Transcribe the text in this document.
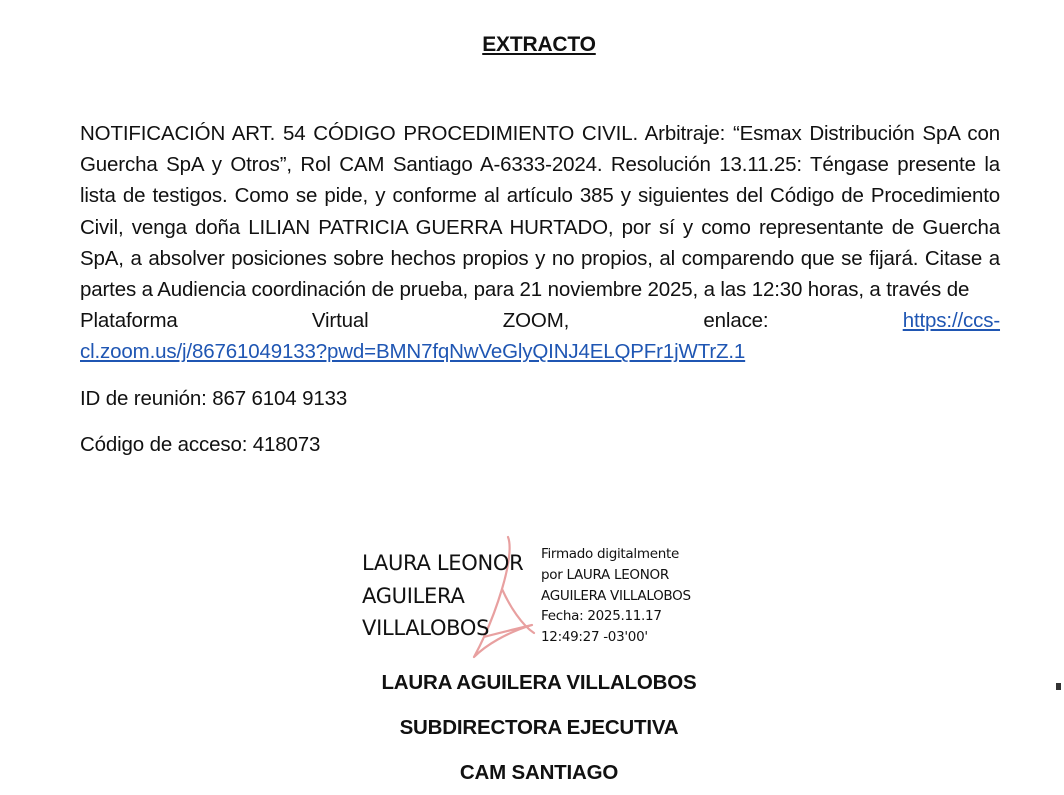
EXTRACTO
NOTIFICACIÓN ART. 54 CÓDIGO PROCEDIMIENTO CIVIL. Arbitraje: “Esmax Distribución SpA con Guercha SpA y Otros”, Rol CAM Santiago A-6333-2024. Resolución 13.11.25: Téngase presente la lista de testigos. Como se pide, y conforme al artículo 385 y siguientes del Código de Procedimiento Civil, venga doña LILIAN PATRICIA GUERRA HURTADO, por sí y como representante de Guercha SpA, a absolver posiciones sobre hechos propios y no propios, al comparendo que se fijará. Citase a partes a Audiencia coordinación de prueba, para 21 noviembre 2025, a las 12:30 horas, a través de
Plataforma	Virtual	ZOOM,	enlace:	https://ccs-
cl.zoom.us/j/86761049133?pwd=BMN7fqNwVeGlyQINJ4ELQPFr1jWTrZ.1
ID de reunión: 867 6104 9133
Código de acceso: 418073
LAURA LEONOR
AGUILERA
VILLALOBOS
Firmado digitalmente
por LAURA LEONOR
AGUILERA VILLALOBOS
Fecha: 2025.11.17
12:49:27 -03'00'
LAURA AGUILERA VILLALOBOS
SUBDIRECTORA EJECUTIVA
CAM SANTIAGO
